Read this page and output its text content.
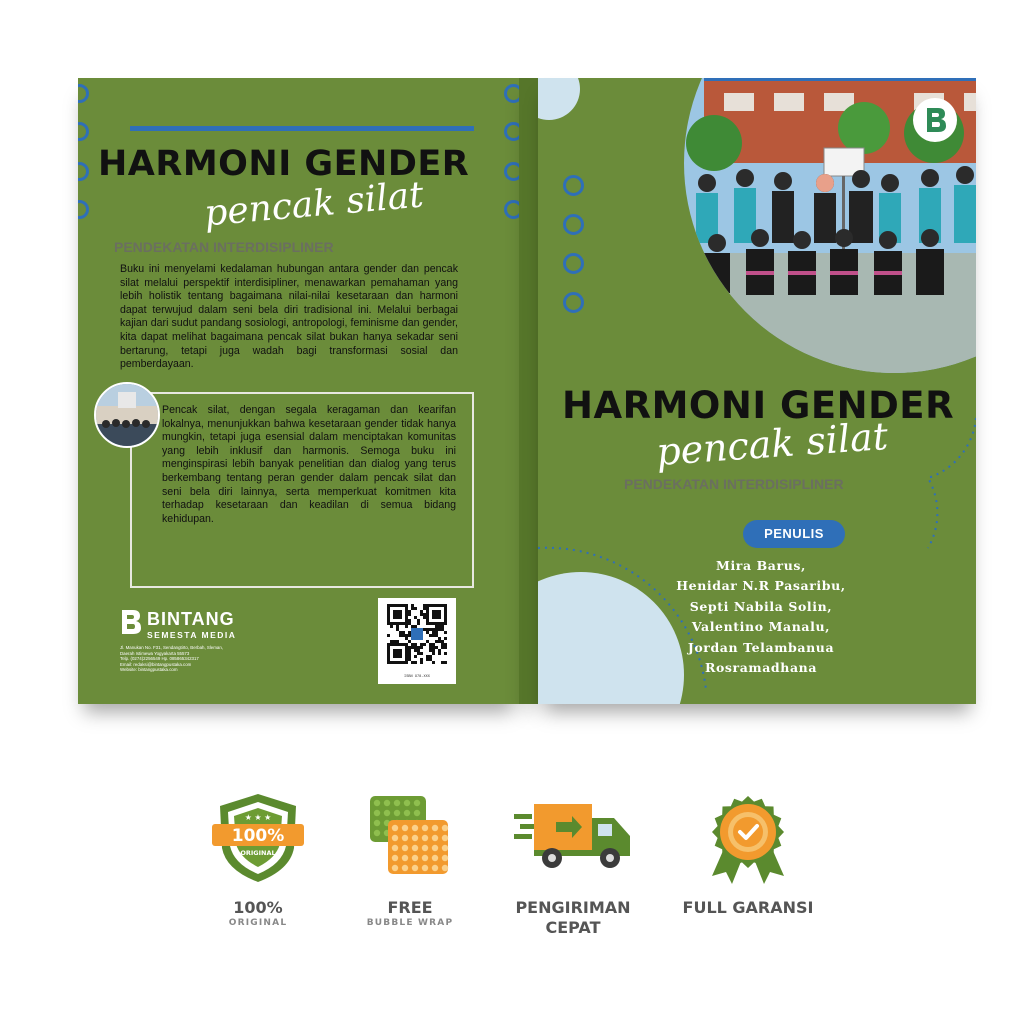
HARMONI GENDER
pencak silat
PENDEKATAN INTERDISIPLINER
Buku ini menyelami kedalaman hubungan antara gender dan pencak silat melalui perspektif interdisipliner, menawarkan pemahaman yang lebih holistik tentang bagaimana nilai-nilai kesetaraan dan harmoni dapat terwujud dalam seni bela diri tradisional ini. Melalui berbagai kajian dari sudut pandang sosiologi, antropologi, feminisme dan gender, kita dapat melihat bagaimana pencak silat bukan hanya sekadar seni bertarung, tetapi juga wadah bagi transformasi sosial dan pemberdayaan.
Pencak silat, dengan segala keragaman dan kearifan lokalnya, menunjukkan bahwa kesetaraan gender tidak hanya mungkin, tetapi juga esensial dalam menciptakan komunitas yang lebih inklusif dan harmonis. Semoga buku ini menginspirasi lebih banyak penelitian dan dialog yang terus berkembang tentang peran gender dalam pencak silat dan seni bela diri lainnya, serta memperkuat komitmen kita terhadap kesetaraan dan keadilan di semua bidang kehidupan.
BINTANG
SEMESTA MEDIA
Jl. Manukan No. F31, Sendangtirto, Berbah, Sleman,
Daerah Istimewa Yogyakarta 55573
Telp. (0274)2256549 Hp. 085865342317
Email: redaksi@bintangpustaka.com
Website: bintangpustaka.com
ISBN 978-XXX
HARMONI GENDER
pencak silat
PENDEKATAN INTERDISIPLINER
PENULIS
Mira Barus,
Henidar N.R Pasaribu,
Septi Nabila Solin,
Valentino Manalu,
Jordan Telambanua
Rosramadhana
100%
ORIGINAL
★ ★ ★
100%
ORIGINAL
FREE
BUBBLE WRAP
PENGIRIMAN
CEPAT
FULL GARANSI
